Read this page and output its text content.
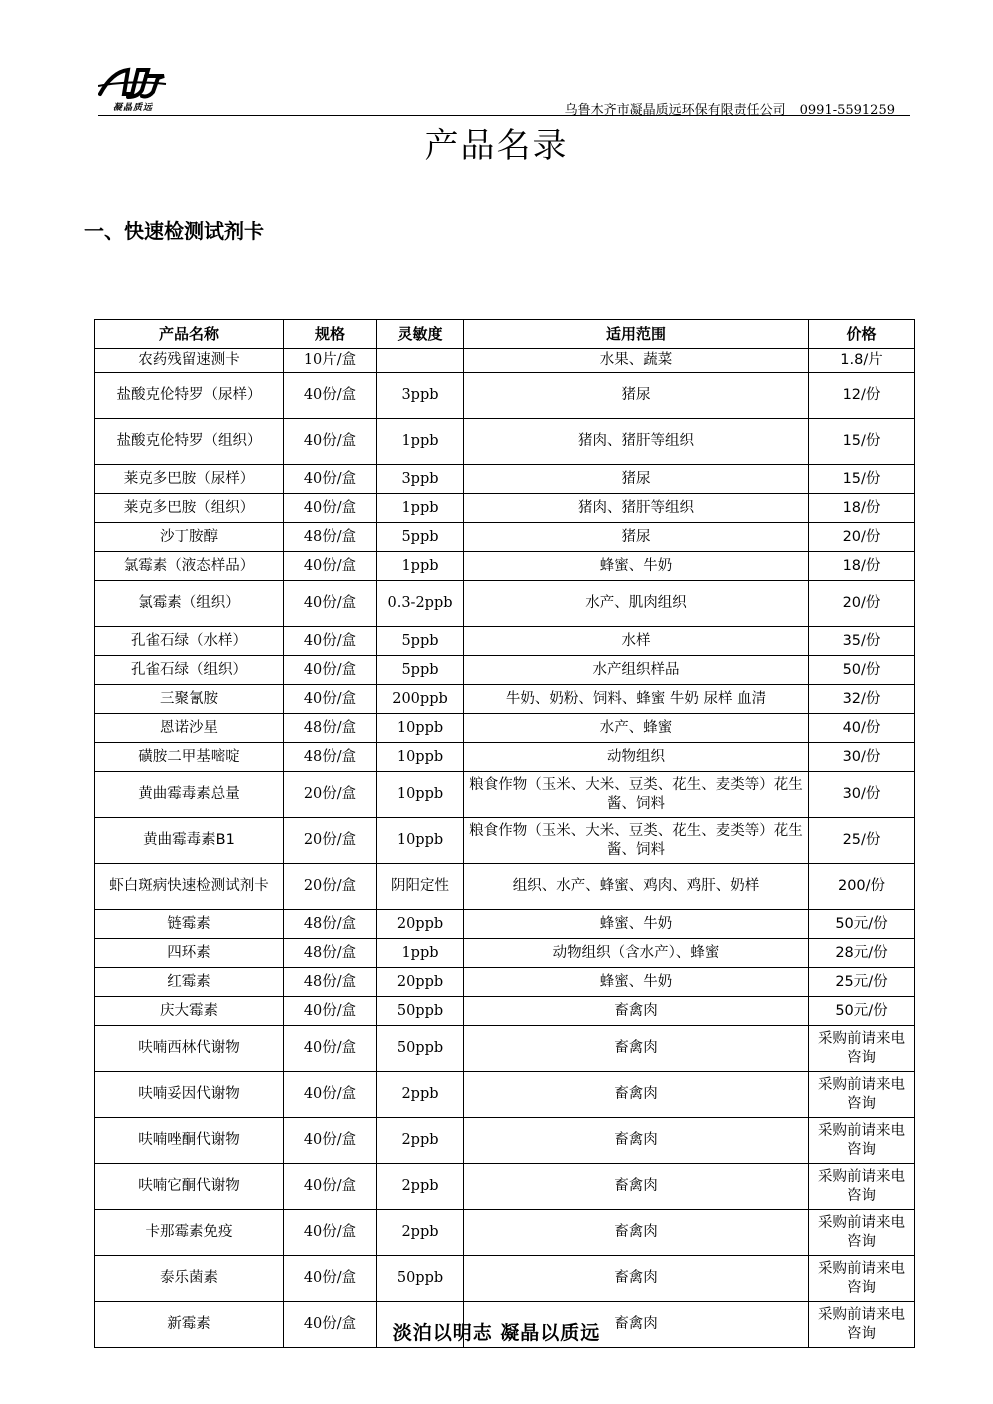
凝晶质远	乌鲁木齐市凝晶质远环保有限责任公司 0991-5591259
产品名录
一、快速检测试剂卡
产品名称	规格	灵敏度	适用范围	价格
农药残留速测卡	10片/盒		水果、蔬菜	1.8/片
盐酸克伦特罗（尿样）	40份/盒	3ppb	猪尿	12/份
盐酸克伦特罗（组织）	40份/盒	1ppb	猪肉、猪肝等组织	15/份
莱克多巴胺（尿样）	40份/盒	3ppb	猪尿	15/份
莱克多巴胺（组织）	40份/盒	1ppb	猪肉、猪肝等组织	18/份
沙丁胺醇	48份/盒	5ppb	猪尿	20/份
氯霉素（液态样品）	40份/盒	1ppb	蜂蜜、牛奶	18/份
氯霉素（组织）	40份/盒	0.3-2ppb	水产、肌肉组织	20/份
孔雀石绿（水样）	40份/盒	5ppb	水样	35/份
孔雀石绿（组织）	40份/盒	5ppb	水产组织样品	50/份
三聚氰胺	40份/盒	200ppb	牛奶、奶粉、饲料、蜂蜜 牛奶 尿样 血清	32/份
恩诺沙星	48份/盒	10ppb	水产、蜂蜜	40/份
磺胺二甲基嘧啶	48份/盒	10ppb	动物组织	30/份
黄曲霉毒素总量	20份/盒	10ppb	粮食作物（玉米、大米、豆类、花生、麦类等）花生酱、饲料	30/份
黄曲霉毒素B1	20份/盒	10ppb	粮食作物（玉米、大米、豆类、花生、麦类等）花生酱、饲料	25/份
虾白斑病快速检测试剂卡	20份/盒	阴阳定性	组织、水产、蜂蜜、鸡肉、鸡肝、奶样	200/份
链霉素	48份/盒	20ppb	蜂蜜、牛奶	50元/份
四环素	48份/盒	1ppb	动物组织（含水产）、蜂蜜	28元/份
红霉素	48份/盒	20ppb	蜂蜜、牛奶	25元/份
庆大霉素	40份/盒	50ppb	畜禽肉	50元/份
呋喃西林代谢物	40份/盒	50ppb	畜禽肉	采购前请来电咨询
呋喃妥因代谢物	40份/盒	2ppb	畜禽肉	采购前请来电咨询
呋喃唑酮代谢物	40份/盒	2ppb	畜禽肉	采购前请来电咨询
呋喃它酮代谢物	40份/盒	2ppb	畜禽肉	采购前请来电咨询
卡那霉素免疫	40份/盒	2ppb	畜禽肉	采购前请来电咨询
泰乐菌素	40份/盒	50ppb	畜禽肉	采购前请来电咨询
新霉素	40份/盒		畜禽肉	采购前请来电咨询
淡泊以明志 凝晶以质远
